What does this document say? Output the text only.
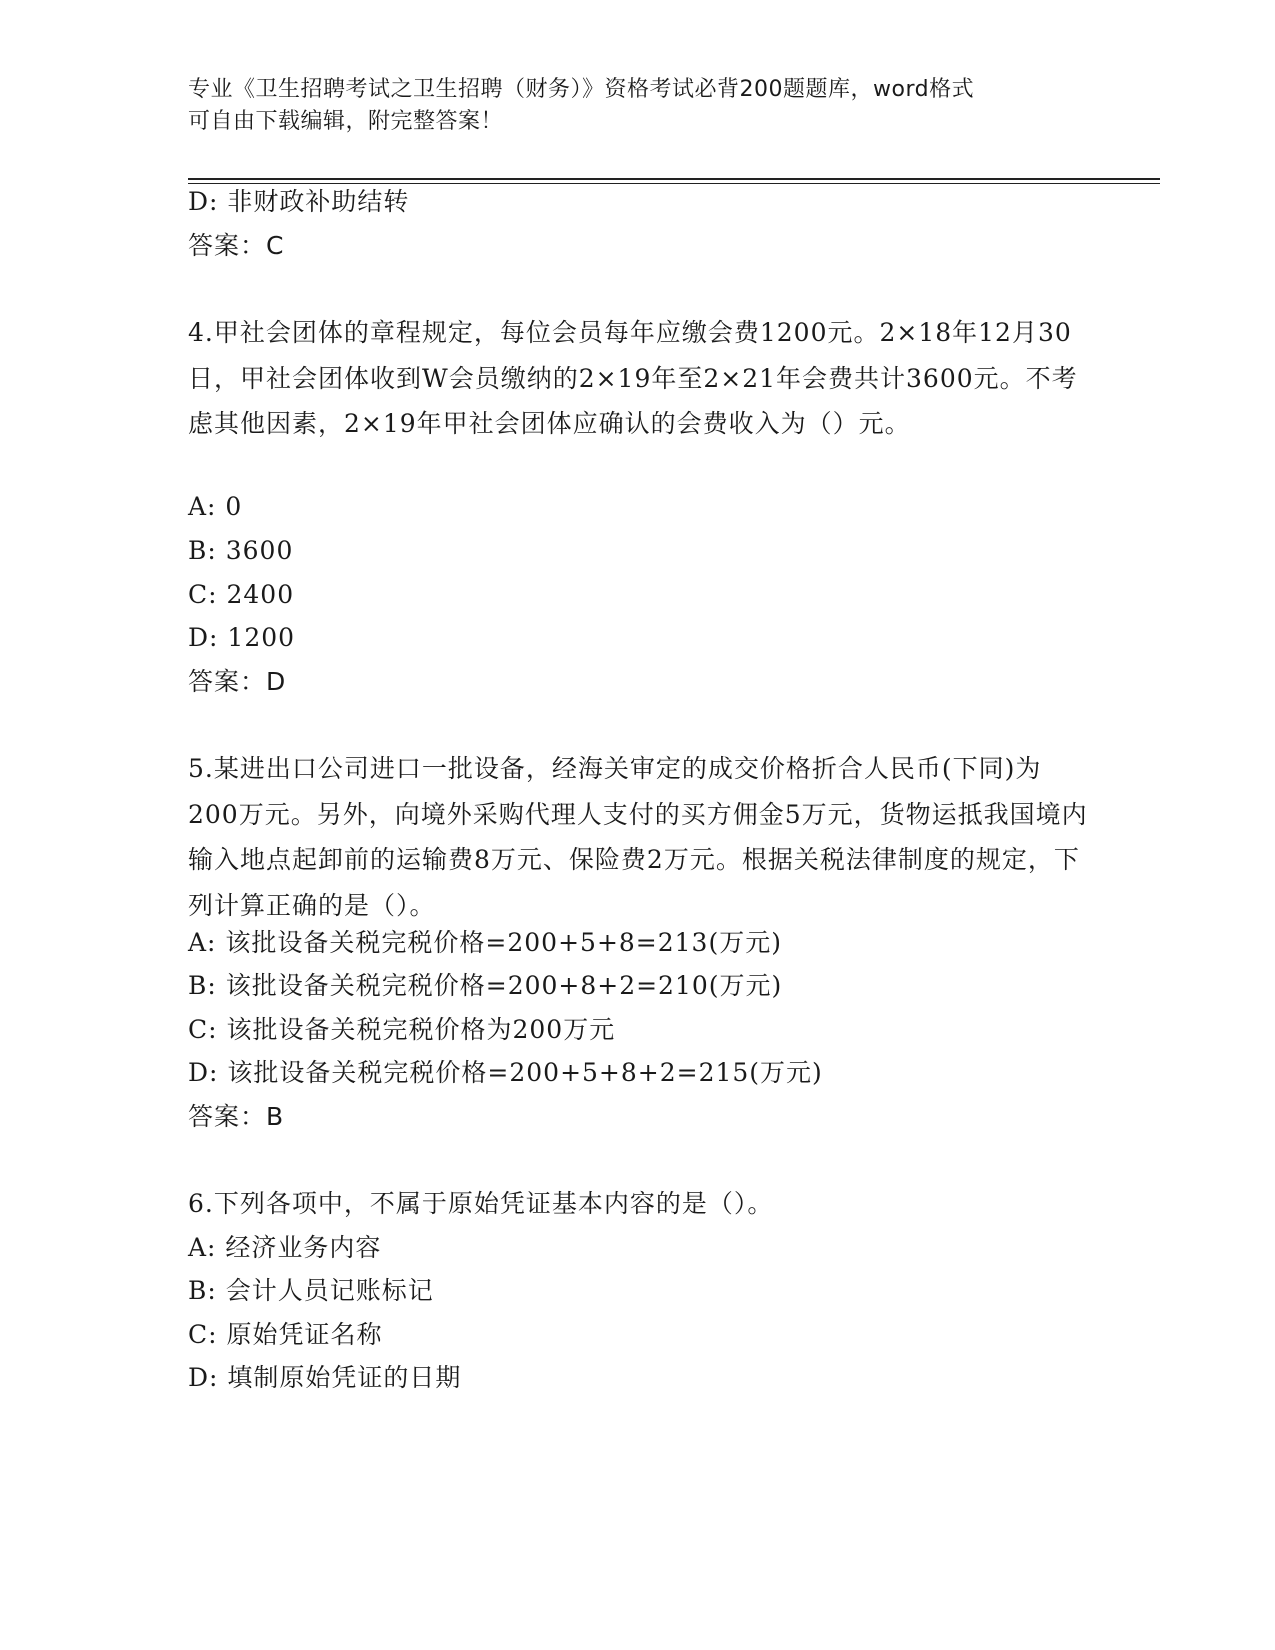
专业《卫生招聘考试之卫生招聘（财务）》资格考试必背200题题库，word格式
可自由下载编辑，附完整答案！
D: 非财政补助结转
答案：C
4.甲社会团体的章程规定，每位会员每年应缴会费1200元。2×18年12月30日，甲社会团体收到W会员缴纳的2×19年至2×21年会费共计3600元。不考虑其他因素，2×19年甲社会团体应确认的会费收入为（）元。
A: 0
B: 3600
C: 2400
D: 1200
答案：D
5.某进出口公司进口一批设备，经海关审定的成交价格折合人民币(下同)为200万元。另外，向境外采购代理人支付的买方佣金5万元，货物运抵我国境内输入地点起卸前的运输费8万元、保险费2万元。根据关税法律制度的规定，下列计算正确的是（）。
A: 该批设备关税完税价格=200+5+8=213(万元)
B: 该批设备关税完税价格=200+8+2=210(万元)
C: 该批设备关税完税价格为200万元
D: 该批设备关税完税价格=200+5+8+2=215(万元)
答案：B
6.下列各项中，不属于原始凭证基本内容的是（）。
A: 经济业务内容
B: 会计人员记账标记
C: 原始凭证名称
D: 填制原始凭证的日期
